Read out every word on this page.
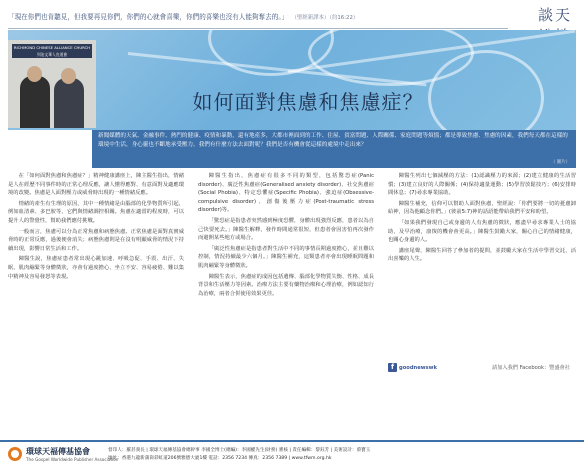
「現在你們也肯聽見，但我要再見你們，你們的心就會喜樂，你們的喜樂也沒有人能夠奪去的。」 （聖經新譯本）（約16:22）	談天
如何面對焦慮和焦慮症？
RICHMOND CHINESE ALLIANCE CHURCH 列治文華人宣道會
新聞媒體的天氣、金融事件、熱門的健康、疫情和暴動，還有地產多，大都市裡面到的工作、住屋、貧富問題、人際關係、家庭問題等煩惱；都是導致焦慮、焦慮的因素，我們每天都在這樣的環境中生活，身心靈也不斷地承受壓力。我們有什麼方法去面對呢？我們是否有機會從這樣的處境中走出來？
（ 圖片）

在「如何面對焦慮和焦慮症？」精神健康講座上，陳主醫生指出，情緒是人在經歷不同事件時的正常心理反應，讓人懂得應對、有意面對及適應環境的改變。焦慮是人面對壓力或威脅時出現的一種情緒反應。

情緒的產生有生理的原因，其中一種情緒是由腦部的化學物質所引起，例如血清素、多巴胺等，它們與情緒調控相關。焦慮在適當的程度時，可以提升人的警覺性，幫助我們應付挑戰。

一般而言，焦慮可以分為正常焦慮和病態焦慮。正常焦慮是面對真實威脅時的正常反應，過後便會消失；病態焦慮則是在沒有明顯威脅的情況下持續出現，影響日常生活和工作。

陳醫生說，焦慮症患者常出現心跳加速、呼吸急促、手震、出汗、失眠、肌肉繃緊等身體徵狀，亦會有過度擔心、坐立不安、容易疲倦、難以集中精神及容易發怒等表現。

陳醫生指出，焦慮症有很多不同的類型，包括驚恐症(Panic disorder)、廣泛性焦慮症(Generalised anxiety disorder)、社交焦慮症(Social Phobia)、特定恐懼症(Specific Phobia)、強迫症(Obsessive-compulsive disorder)、創傷後壓力症(Post-traumatic stress disorder)等。

「驚恐症是指患者突然感到極度恐懼，身體出現強烈反應，患者以為自己快要死去。」陳醫生解釋，發作時間通常很短，但患者會因害怕再次發作而避開某些地方或場合。

「廣泛性焦慮症是指患者對生活中不同的事情長期過度擔心，並且難以控制，情況持續最少六個月。」陳醫生補充，這類患者亦會出現睡眠問題和肌肉繃緊等身體徵狀。

陳醫生表示，焦慮症的成因包括遺傳、腦部化學物質失衡、性格、成長背景和生活壓力等因素。治療方法主要有藥物治療和心理治療，例如認知行為治療，兩者合併使用效果更佳。

陳醫生列出七個減壓的方法：(1)認識壓力的來源；(2)建立健康的生活習慣；(3)建立良好的人際關係；(4)保持適量運動；(5)學習放鬆技巧；(6)安排時間休息；(7)尋求專業協助。

陳醫生補充，信仰可以幫助人面對焦慮，聖經說：「你們要將一切的憂慮卸給神，因為他顧念你們。」(彼前5:7)神的話語能帶給我們平安和盼望。

「如果我們發現自己或身邊的人有焦慮的徵狀，應盡早尋求專業人士的協助，及早治療，康復的機會會更高。」陳醫生鼓勵大家，關心自己的情緒健康，也關心身邊的人。

講座尾聲，陳醫生回答了參加者的提問，並鼓勵大家在生活中學習交託，活出喜樂的人生。

f goodnewswk	請加入我們 Facebook：豐盛會社
環球天福傳基協會
The Gospel Worldwide Publisher Association
督印人：羅甚義長 | 環球天福傳基協會總幹事 李國全博士(總編)：李國權先生(財務) 審核 | 責任編輯：黎鈺芳 | 美術設計：蔡寶玉
地址：香港九龍新蒲崗彩虹道206號雅德大廈1樓 電話：2356 7234 傳真：2356 7389 | www.tfwm.org.hk
